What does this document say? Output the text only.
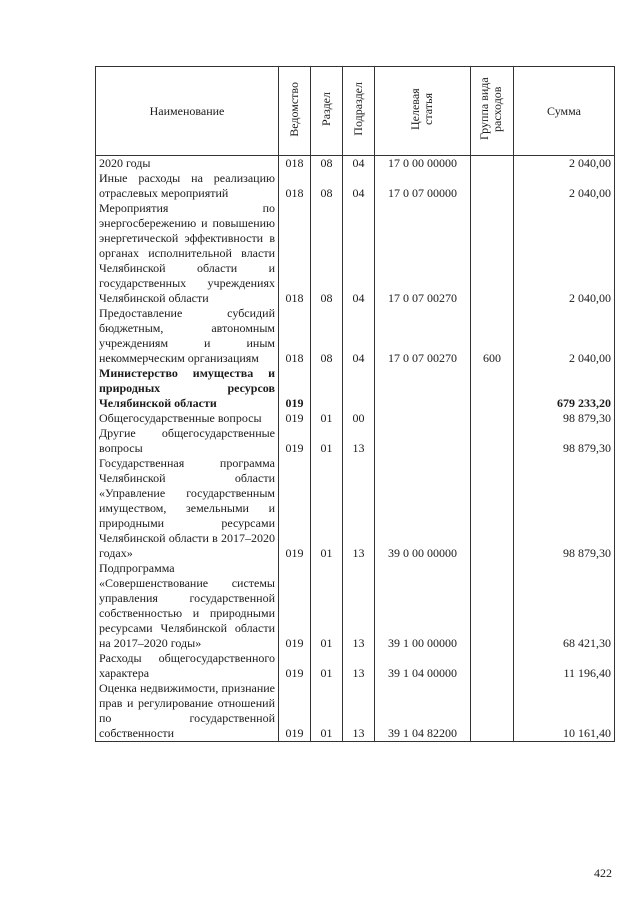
Наименование	Ведомство	Раздел	Подраздел	Целевая статья	Группа вида расходов	Сумма
2020 годы	018	08	04	17 0 00 00000		2 040,00
Иные расходы на реализацию отраслевых мероприятий	018	08	04	17 0 07 00000		2 040,00
Мероприятия по энергосбережению и повышению энергетической эффективности в органах исполнительной власти Челябинской области и государственных учреждениях Челябинской области	018	08	04	17 0 07 00270		2 040,00
Предоставление субсидий бюджетным, автономным учреждениям и иным некоммерческим организациям	018	08	04	17 0 07 00270	600	2 040,00
Министерство имущества и природных ресурсов Челябинской области	019					679 233,20
Общегосударственные вопросы	019	01	00			98 879,30
Другие общегосударственные вопросы	019	01	13			98 879,30
Государственная программа Челябинской области «Управление государственным имуществом, земельными и природными ресурсами Челябинской области в 2017–2020 годах»	019	01	13	39 0 00 00000		98 879,30
Подпрограмма «Совершенствование системы управления государственной собственностью и природными ресурсами Челябинской области на 2017–2020 годы»	019	01	13	39 1 00 00000		68 421,30
Расходы общегосударственного характера	019	01	13	39 1 04 00000		11 196,40
Оценка недвижимости, признание прав и регулирование отношений по государственной собственности	019	01	13	39 1 04 82200		10 161,40
422
